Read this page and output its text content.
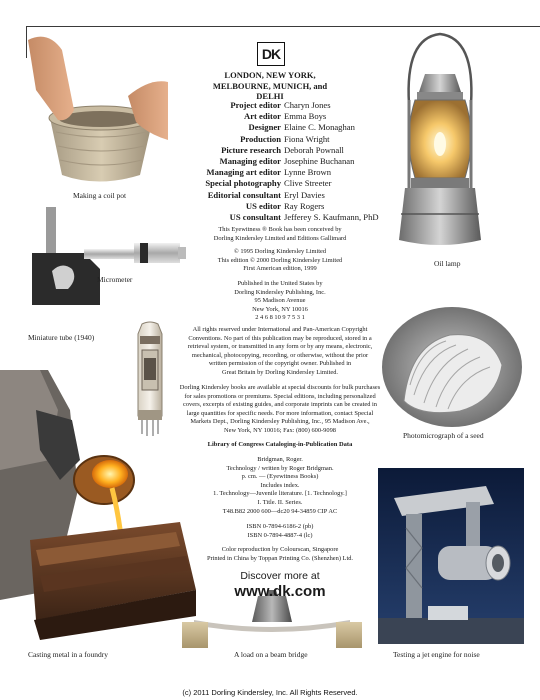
Making a coil pot
Micrometer
Miniature tube (1940)
Casting metal in a foundry
Oil lamp
Photomicrograph of a seed
Testing a jet engine for noise
A load on a beam bridge
DK
LONDON, NEW YORK,
MELBOURNE, MUNICH, and DELHI
Project editor Charyn Jones
Art editor Emma Boys
Designer Elaine C. Monaghan
Production Fiona Wright
Picture research Deborah Pownall
Managing editor Josephine Buchanan
Managing art editor Lynne Brown
Special photography Clive Streeter
Editorial consultant Eryl Davies
US editor Ray Rogers
US consultant Jefferey S. Kaufmann, PhD
This Eyewitness ® Book has been conceived by
Dorling Kindersley Limited and Editions Gallimard
© 1995 Dorling Kindersley Limited
This edition © 2000 Dorling Kindersley Limited
First American edition, 1999
Published in the United States by
Dorling Kindersley Publishing, Inc.
95 Madison Avenue
New York, NY 10016
2 4 6 8 10 9 7 5 3 1
All rights reserved under International and Pan-American Copyright
Conventions. No part of this publication may be reproduced, stored in a
retrieval system, or transmitted in any form or by any means, electronic,
mechanical, photocopying, recording, or otherwise, without the prior
written permission of the copyright owner. Published in
Great Britain by Dorling Kindersley Limited.
Dorling Kindersley books are available at special discounts for bulk purchases
for sales promotions or premiums. Special editions, including personalized
covers, excerpts of existing guides, and corporate imprints can be created in
large quantities for specific needs. For more information, contact Special
Markets Dept., Dorling Kindersley Publishing, Inc., 95 Madison Ave.,
New York, NY 10016; Fax: (800) 600-9098
Library of Congress Cataloging-in-Publication Data
Bridgman, Roger.
Technology / written by Roger Bridgman.
p. cm. — (Eyewitness Books)
Includes index.
1. Technology—Juvenile literature. [1. Technology.]
I. Title. II. Series.
T48.B82 2000 600—dc20 94-34859 CIP AC
ISBN 0-7894-6186-2 (pb)
ISBN 0-7894-4887-4 (lc)
Color reproduction by Colourscan, Singapore
Printed in China by Toppan Printing Co. (Shenzhen) Ltd.
Discover more at
www.dk.com
(c) 2011 Dorling Kindersley, Inc. All Rights Reserved.
